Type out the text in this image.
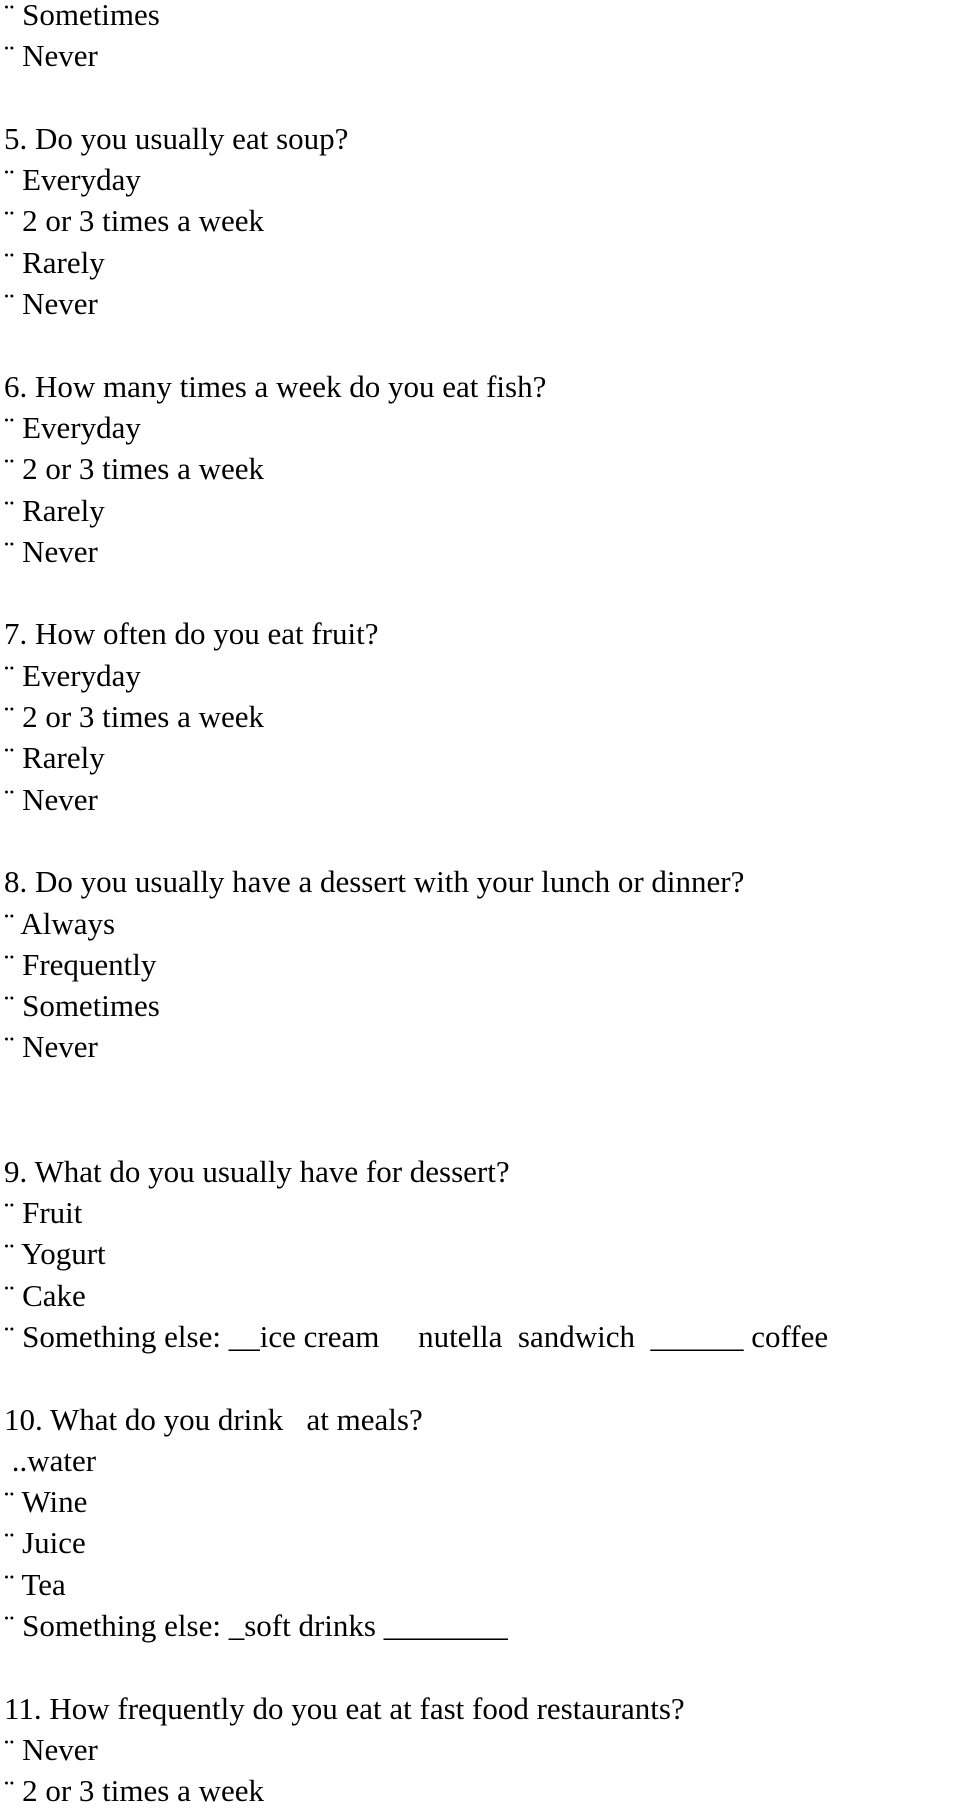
¨ Sometimes
¨ Never
5. Do you usually eat soup?
¨ Everyday
¨ 2 or 3 times a week
¨ Rarely
¨ Never
6. How many times a week do you eat fish?
¨ Everyday
¨ 2 or 3 times a week
¨ Rarely
¨ Never
7. How often do you eat fruit?
¨ Everyday
¨ 2 or 3 times a week
¨ Rarely
¨ Never
8. Do you usually have a dessert with your lunch or dinner?
¨ Always
¨ Frequently
¨ Sometimes
¨ Never
9. What do you usually have for dessert?
¨ Fruit
¨ Yogurt
¨ Cake
¨ Something else: __ice cream     nutella  sandwich  ______ coffee
10. What do you drink   at meals?
..water
¨ Wine
¨ Juice
¨ Tea
¨ Something else: _soft drinks ________
11. How frequently do you eat at fast food restaurants?
¨ Never
¨ 2 or 3 times a week
